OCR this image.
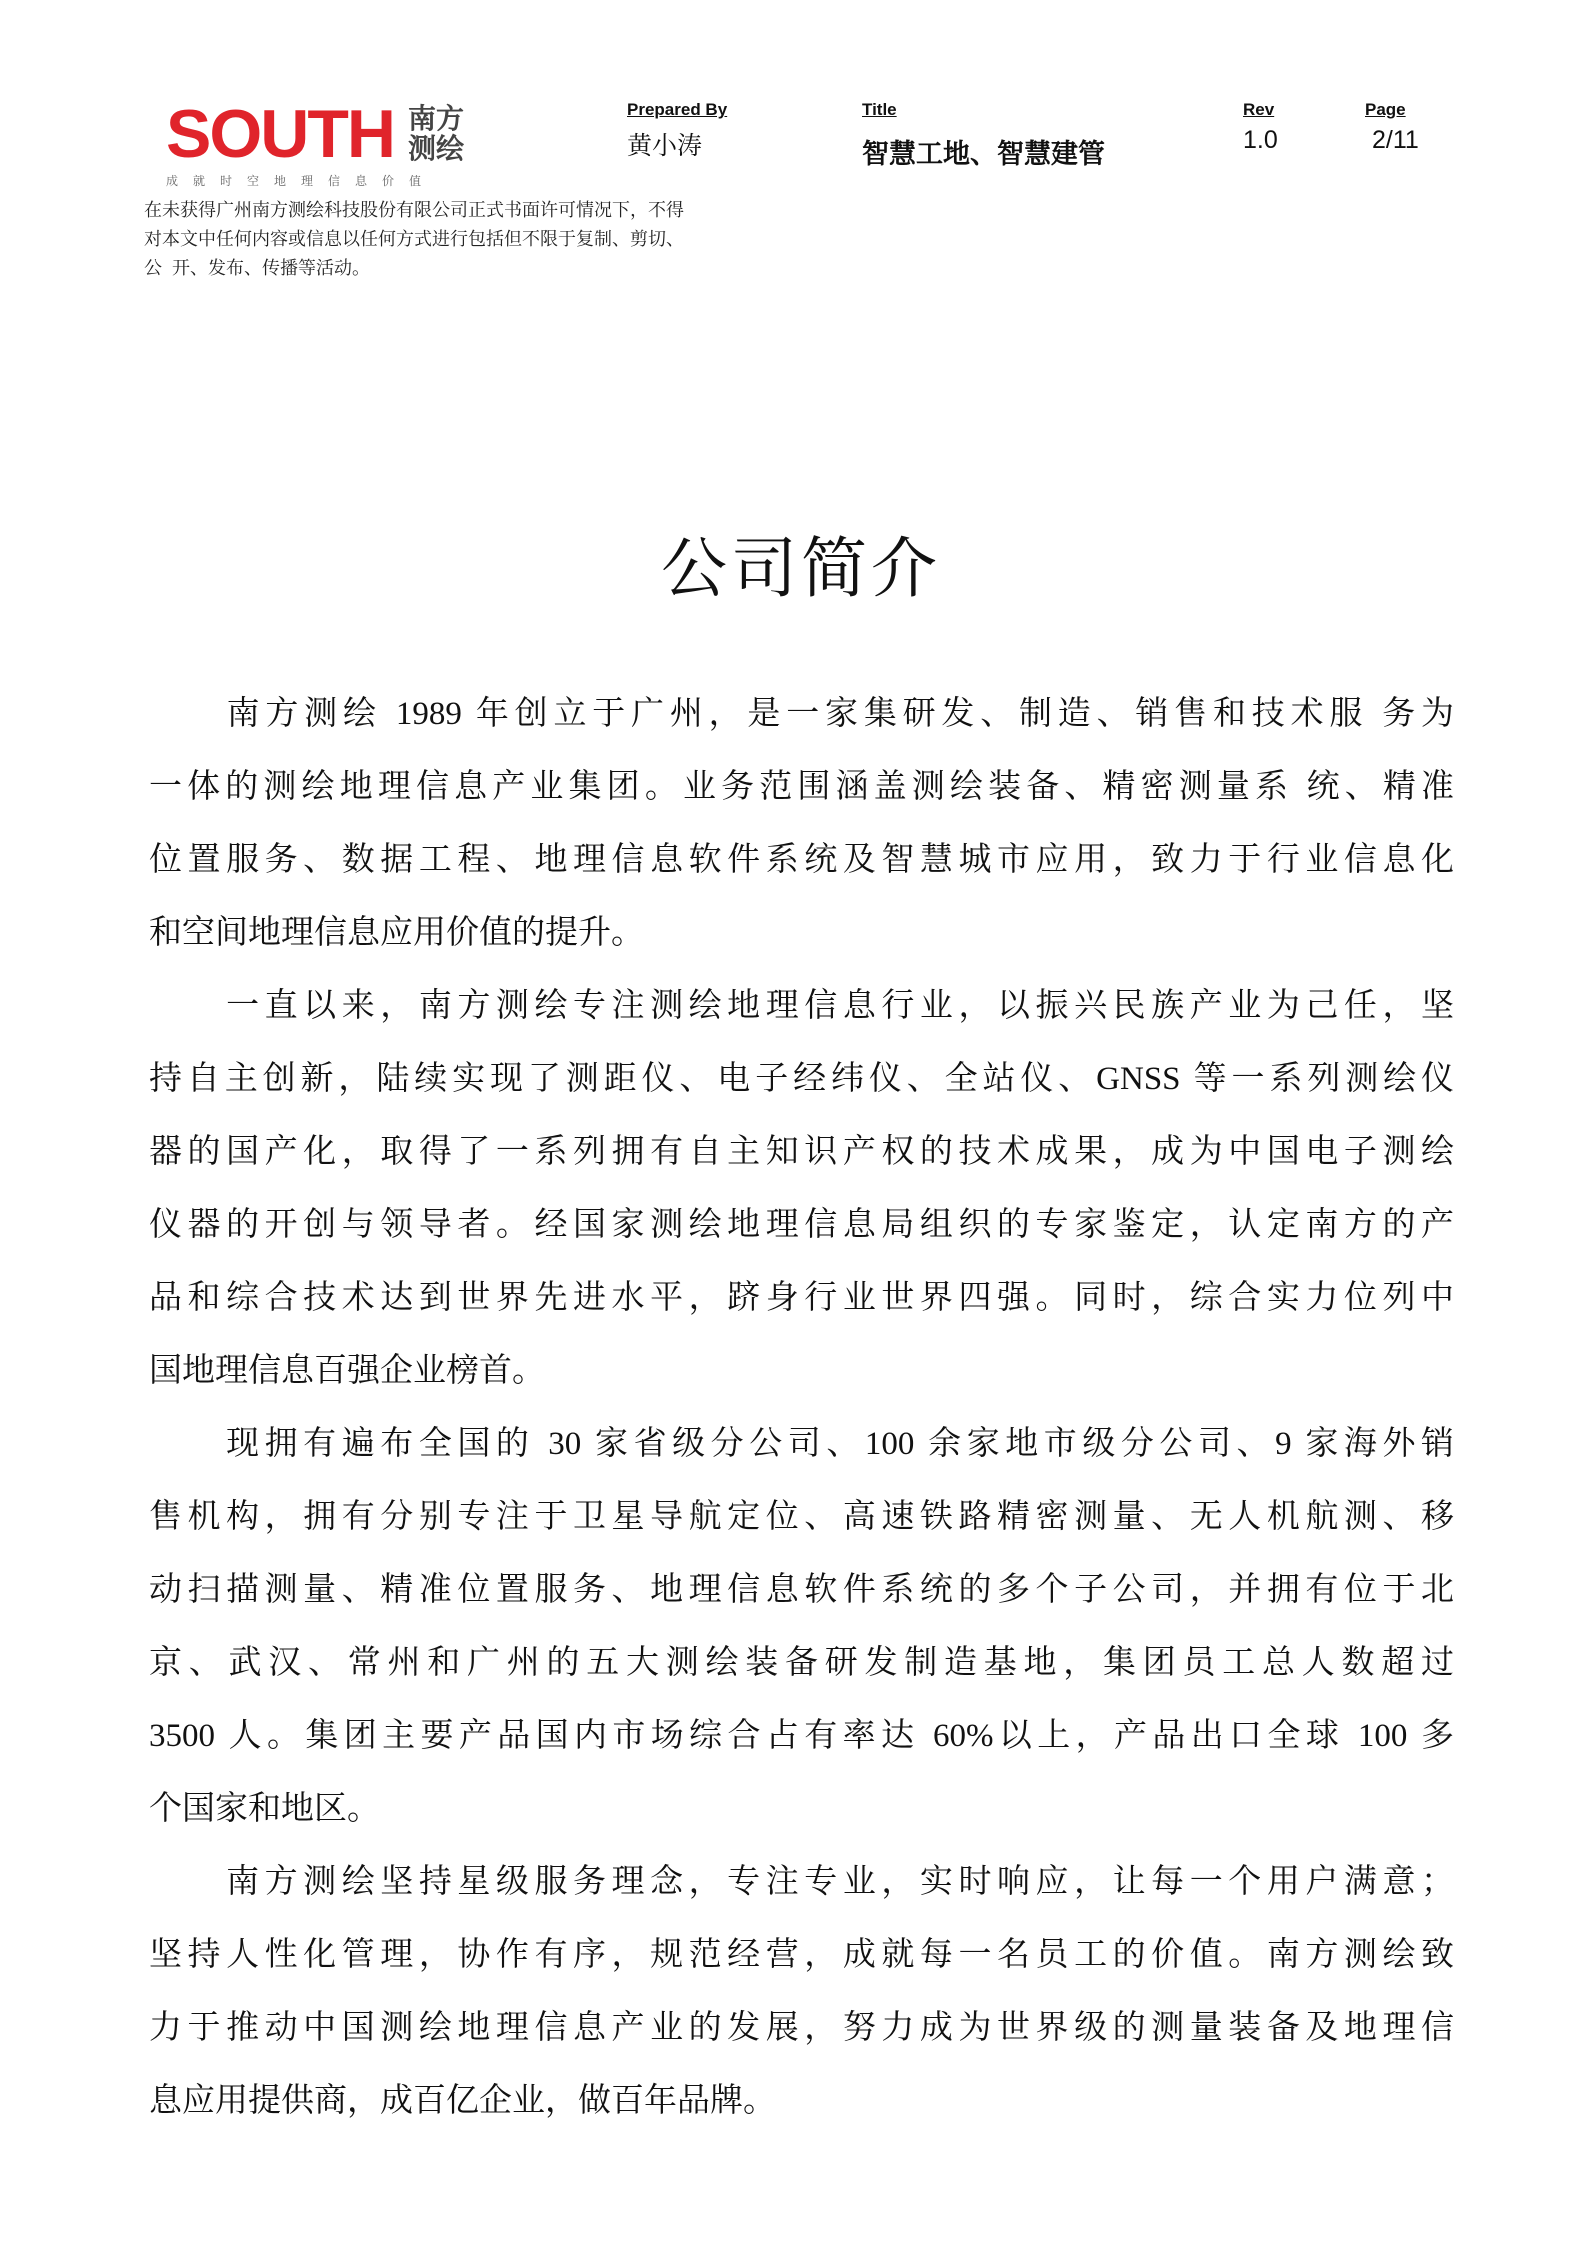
SOUTH 南方测绘
成就时空地理信息价值
在未获得广州南方测绘科技股份有限公司正式书面许可情况下，不得
对本文中任何内容或信息以任何方式进行包括但不限于复制、剪切、
公  开、发布、传播等活动。
Prepared By
黄小涛
Title
智慧工地、智慧建管
Rev
1.0
Page
2/11
公司简介
　　南方测绘 1989 年创立于广州，是一家集研发、制造、销售和技术服 务为
一体的测绘地理信息产业集团。业务范围涵盖测绘装备、精密测量系 统、精准
位置服务、数据工程、地理信息软件系统及智慧城市应用，致力于行业信息化
和空间地理信息应用价值的提升。
　　一直以来，南方测绘专注测绘地理信息行业，以振兴民族产业为己任，坚
持自主创新，陆续实现了测距仪、电子经纬仪、全站仪、GNSS 等一系列测绘仪
器的国产化，取得了一系列拥有自主知识产权的技术成果，成为中国电子测绘
仪器的开创与领导者。经国家测绘地理信息局组织的专家鉴定，认定南方的产
品和综合技术达到世界先进水平，跻身行业世界四强。同时，综合实力位列中
国地理信息百强企业榜首。
　　现拥有遍布全国的 30 家省级分公司、100 余家地市级分公司、9 家海外销
售机构，拥有分别专注于卫星导航定位、高速铁路精密测量、无人机航测、移
动扫描测量、精准位置服务、地理信息软件系统的多个子公司，并拥有位于北
京、武汉、常州和广州的五大测绘装备研发制造基地，集团员工总人数超过
3500 人。集团主要产品国内市场综合占有率达 60%以上，产品出口全球 100 多
个国家和地区。
　　南方测绘坚持星级服务理念，专注专业，实时响应，让每一个用户满意；
坚持人性化管理，协作有序，规范经营，成就每一名员工的价值。南方测绘致
力于推动中国测绘地理信息产业的发展，努力成为世界级的测量装备及地理信
息应用提供商，成百亿企业，做百年品牌。
